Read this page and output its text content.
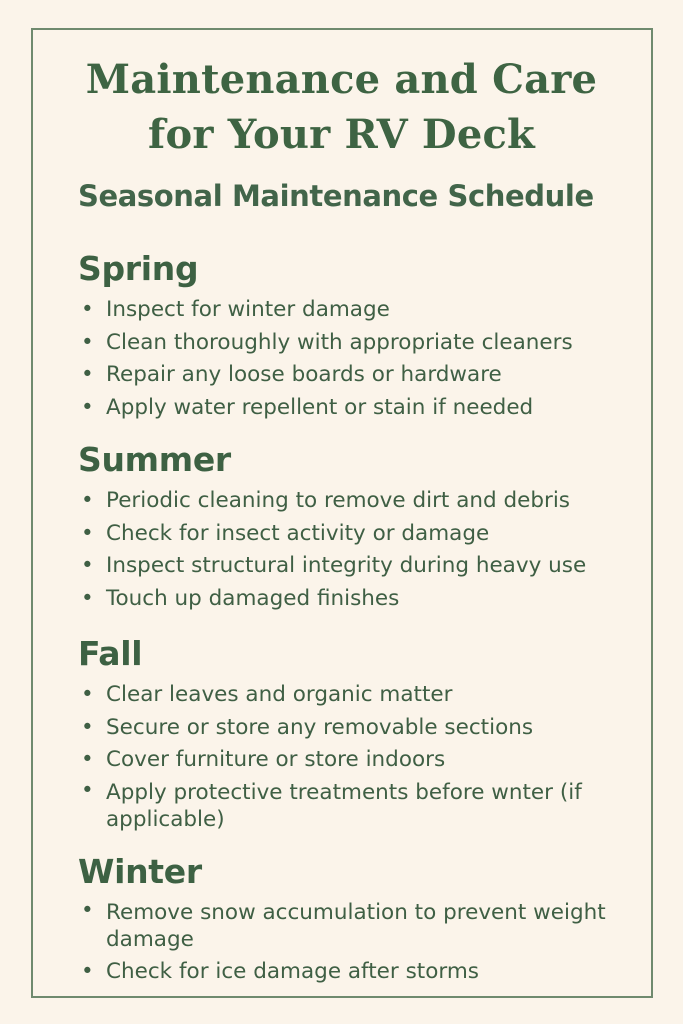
Maintenance and Care
for Your RV Deck
Seasonal Maintenance Schedule
Spring
• Inspect for winter damage
• Clean thoroughly with appropriate cleaners
• Repair any loose boards or hardware
• Apply water repellent or stain if needed
Summer
• Periodic cleaning to remove dirt and debris
• Check for insect activity or damage
• Inspect structural integrity during heavy use
• Touch up damaged finishes
Fall
• Clear leaves and organic matter
• Secure or store any removable sections
• Cover furniture or store indoors
• Apply protective treatments before wnter (if applicable)
Winter
• Remove snow accumulation to prevent weight damage
• Check for ice damage after storms
